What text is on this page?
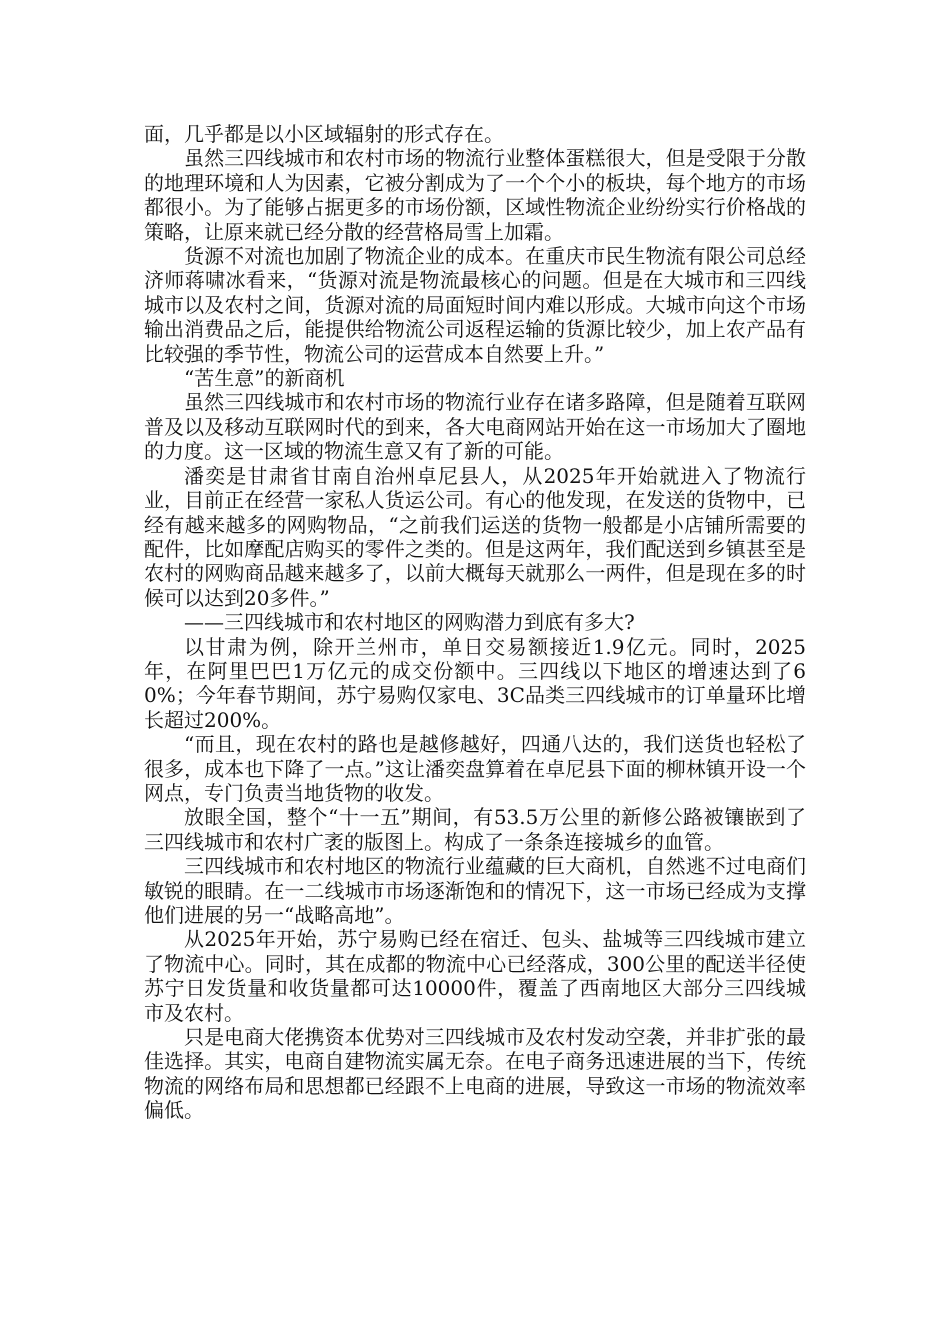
面，几乎都是以小区域辐射的形式存在。

虽然三四线城市和农村市场的物流行业整体蛋糕很大，但是受限于分散的地理环境和人为因素，它被分割成为了一个个小的板块，每个地方的市场都很小。为了能够占据更多的市场份额，区域性物流企业纷纷实行价格战的策略，让原来就已经分散的经营格局雪上加霜。

货源不对流也加剧了物流企业的成本。在重庆市民生物流有限公司总经济师蒋啸冰看来，“货源对流是物流最核心的问题。但是在大城市和三四线城市以及农村之间，货源对流的局面短时间内难以形成。大城市向这个市场输出消费品之后，能提供给物流公司返程运输的货源比较少，加上农产品有比较强的季节性，物流公司的运营成本自然要上升。”

“苦生意”的新商机

虽然三四线城市和农村市场的物流行业存在诸多路障，但是随着互联网普及以及移动互联网时代的到来，各大电商网站开始在这一市场加大了圈地的力度。这一区域的物流生意又有了新的可能。

潘奕是甘肃省甘南自治州卓尼县人，从2025年开始就进入了物流行业，目前正在经营一家私人货运公司。有心的他发现，在发送的货物中，已经有越来越多的网购物品，“之前我们运送的货物一般都是小店铺所需要的配件，比如摩配店购买的零件之类的。但是这两年，我们配送到乡镇甚至是农村的网购商品越来越多了，以前大概每天就那么一两件，但是现在多的时候可以达到20多件。”

——三四线城市和农村地区的网购潜力到底有多大?

以甘肃为例，除开兰州市，单日交易额接近1.9亿元。同时，2025年，在阿里巴巴1万亿元的成交份额中。三四线以下地区的增速达到了60%；今年春节期间，苏宁易购仅家电、3C品类三四线城市的订单量环比增长超过200%。

“而且，现在农村的路也是越修越好，四通八达的，我们送货也轻松了很多，成本也下降了一点。”这让潘奕盘算着在卓尼县下面的柳林镇开设一个网点，专门负责当地货物的收发。

放眼全国，整个“十一五”期间，有53.5万公里的新修公路被镶嵌到了三四线城市和农村广袤的版图上。构成了一条条连接城乡的血管。

三四线城市和农村地区的物流行业蕴藏的巨大商机，自然逃不过电商们敏锐的眼睛。在一二线城市市场逐渐饱和的情况下，这一市场已经成为支撑他们进展的另一“战略高地”。

从2025年开始，苏宁易购已经在宿迁、包头、盐城等三四线城市建立了物流中心。同时，其在成都的物流中心已经落成，300公里的配送半径使苏宁日发货量和收货量都可达10000件，覆盖了西南地区大部分三四线城市及农村。

只是电商大佬携资本优势对三四线城市及农村发动空袭，并非扩张的最佳选择。其实，电商自建物流实属无奈。在电子商务迅速进展的当下，传统物流的网络布局和思想都已经跟不上电商的进展，导致这一市场的物流效率偏低。
